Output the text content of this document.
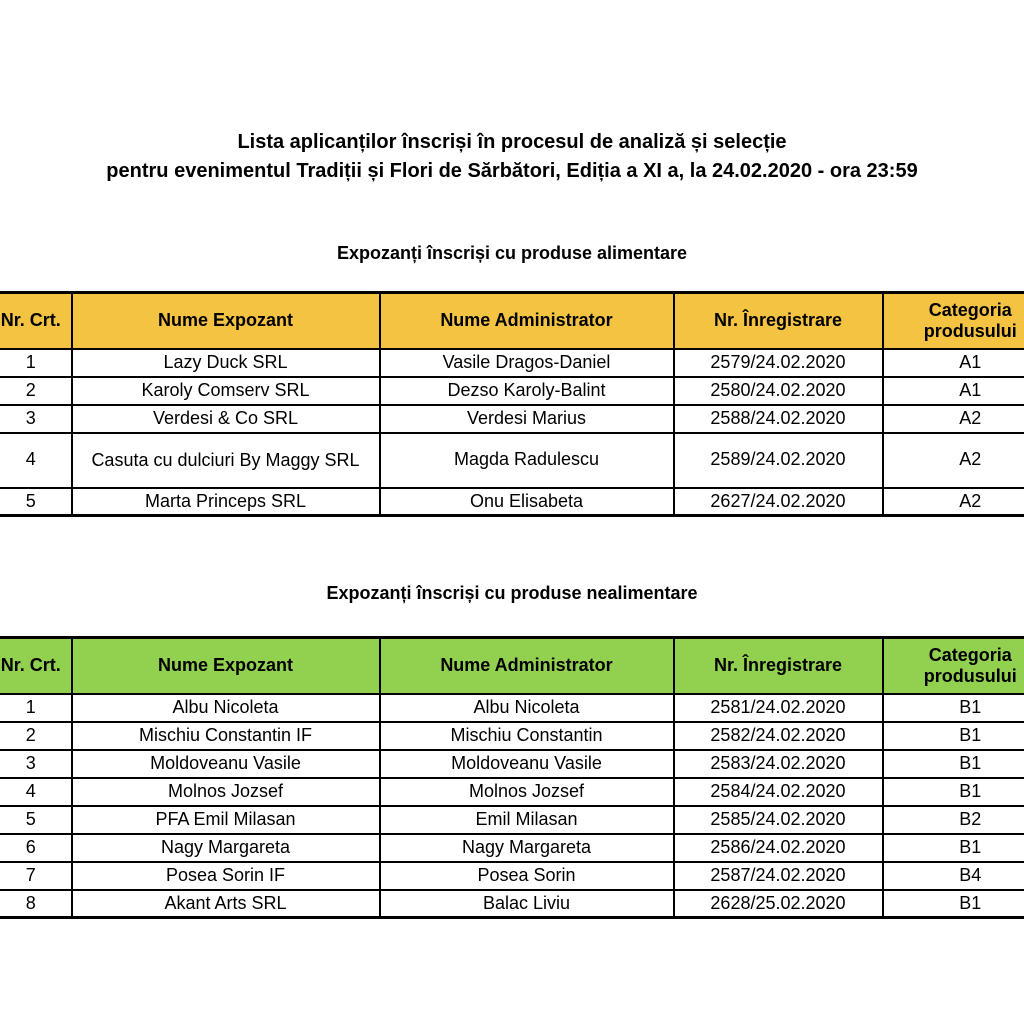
Lista aplicanților înscriși în procesul de analiză și selecție
pentru evenimentul Tradiții și Flori de Sărbători, Ediția a XI a, la 24.02.2020 - ora 23:59
Expozanți înscriși cu produse alimentare
Nr. Crt.	Nume Expozant	Nume Administrator	Nr. Înregistrare	Categoria produsului
1	Lazy Duck SRL	Vasile Dragos-Daniel	2579/24.02.2020	A1
2	Karoly Comserv SRL	Dezso Karoly-Balint	2580/24.02.2020	A1
3	Verdesi & Co SRL	Verdesi Marius	2588/24.02.2020	A2
4	Casuta cu dulciuri By Maggy SRL	Magda Radulescu	2589/24.02.2020	A2
5	Marta Princeps SRL	Onu Elisabeta	2627/24.02.2020	A2
Expozanți înscriși cu produse nealimentare
Nr. Crt.	Nume Expozant	Nume Administrator	Nr. Înregistrare	Categoria produsului
1	Albu Nicoleta	Albu Nicoleta	2581/24.02.2020	B1
2	Mischiu Constantin IF	Mischiu Constantin	2582/24.02.2020	B1
3	Moldoveanu Vasile	Moldoveanu Vasile	2583/24.02.2020	B1
4	Molnos Jozsef	Molnos Jozsef	2584/24.02.2020	B1
5	PFA Emil Milasan	Emil Milasan	2585/24.02.2020	B2
6	Nagy Margareta	Nagy Margareta	2586/24.02.2020	B1
7	Posea Sorin IF	Posea Sorin	2587/24.02.2020	B4
8	Akant Arts SRL	Balac Liviu	2628/25.02.2020	B1
